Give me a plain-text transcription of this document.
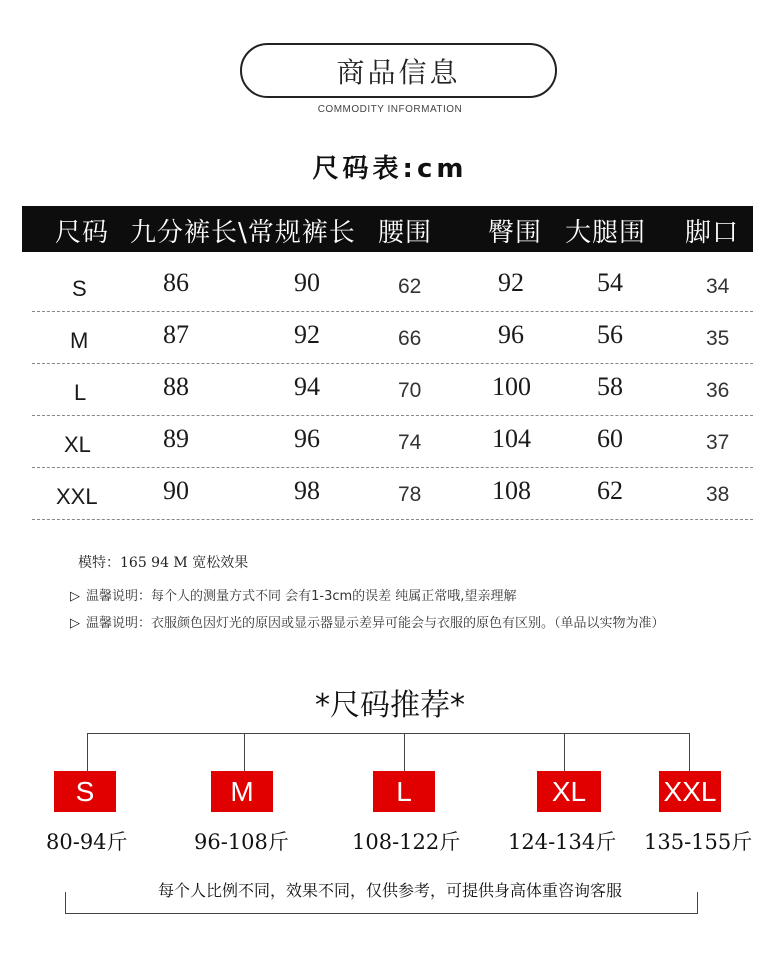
商品信息
COMMODITY INFORMATION
尺码表:cm
尺码 九分裤长\常规裤长 腰围 臀围 大腿围 脚口
S	86	90	62	92	54	34
M	87	92	66	96	56	35
L	88	94	70	100	58	36
XL	89	96	74	104	60	37
XXL	90	98	78	108	62	38
模特：165 94 M 宽松效果
▷ 温馨说明：每个人的测量方式不同 会有1-3cm的误差 纯属正常哦,望亲理解
▷ 温馨说明：衣服颜色因灯光的原因或显示器显示差异可能会与衣服的原色有区别。（单品以实物为准）
*尺码推荐*
S	M	L	XL	XXL
80-94斤	96-108斤	108-122斤 124-134斤 135-155斤
每个人比例不同，效果不同，仅供参考，可提供身高体重咨询客服
